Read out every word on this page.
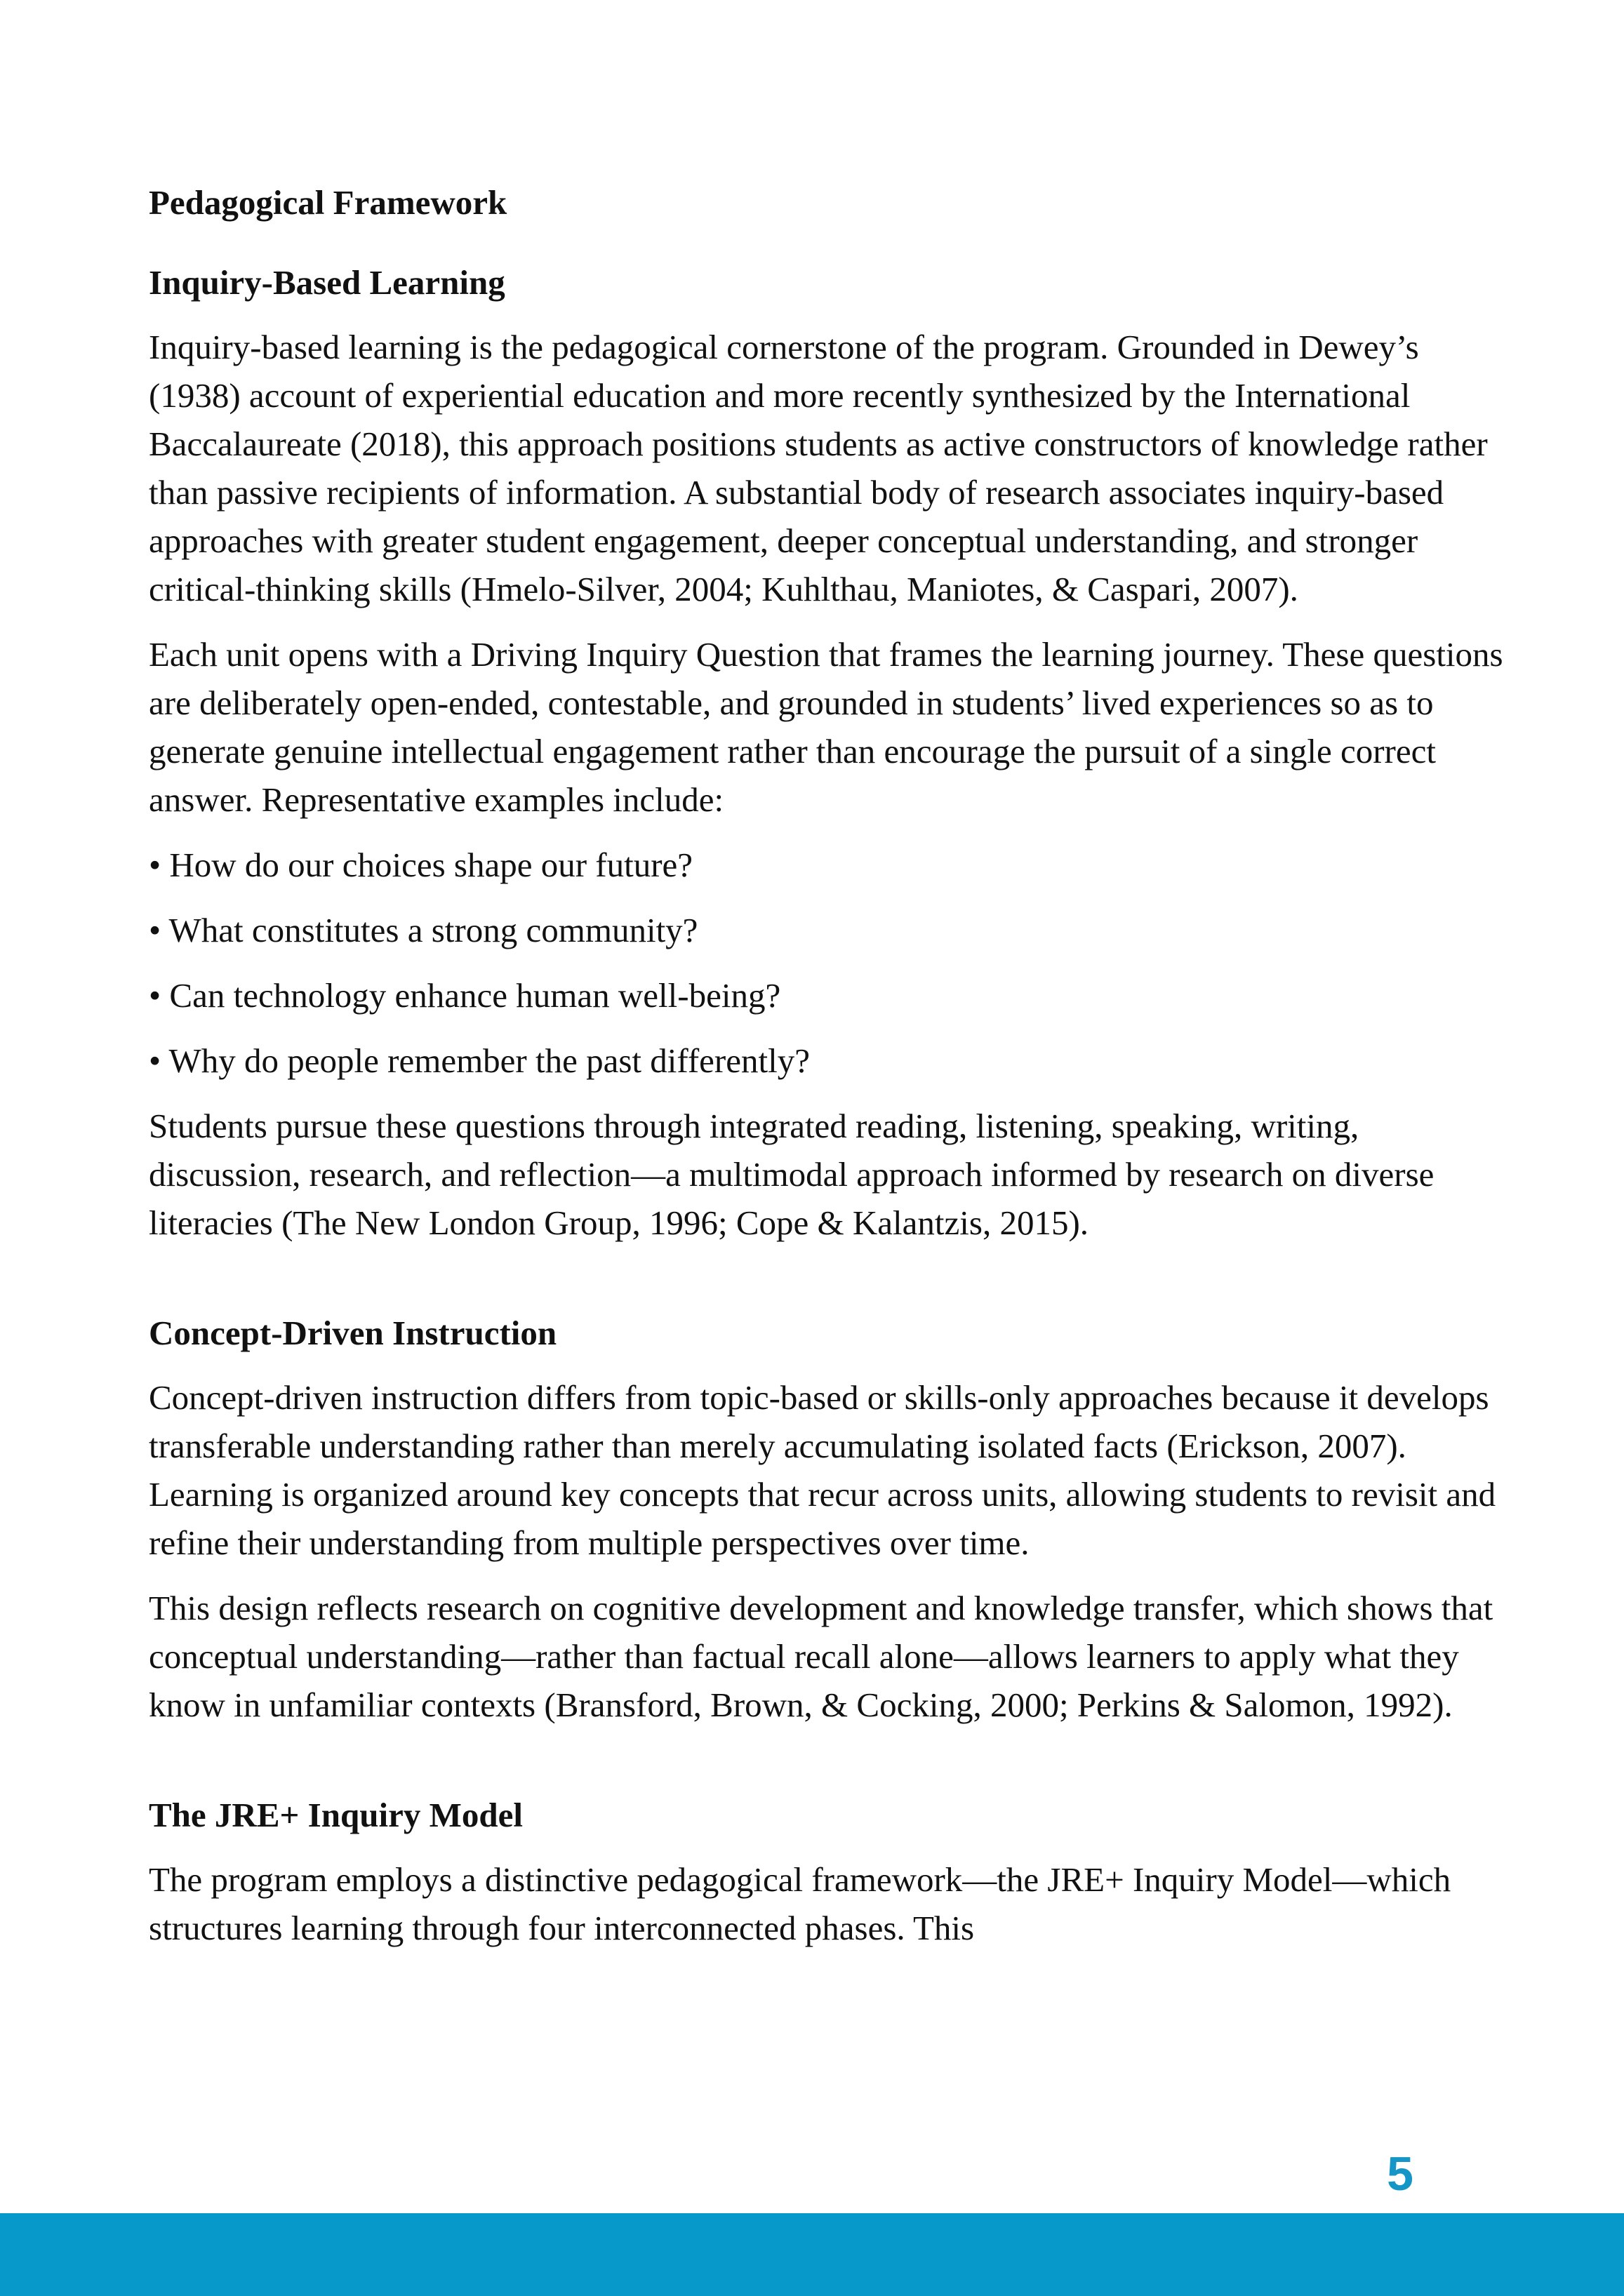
Pedagogical Framework
Inquiry-Based Learning

Inquiry-based learning is the pedagogical cornerstone of the program. Grounded in Dewey’s (1938) account of experiential education and more recently synthesized by the International Baccalaureate (2018), this approach positions students as active constructors of knowledge rather than passive recipients of information. A substantial body of research associates inquiry-based approaches with greater student engagement, deeper conceptual understanding, and stronger critical-thinking skills (Hmelo-Silver, 2004; Kuhlthau, Maniotes, & Caspari, 2007).

Each unit opens with a Driving Inquiry Question that frames the learning journey. These questions are deliberately open-ended, contestable, and grounded in students’ lived experiences so as to generate genuine intellectual engagement rather than encourage the pursuit of a single correct answer. Representative examples include:

• How do our choices shape our future?
• What constitutes a strong community?
• Can technology enhance human well-being?
• Why do people remember the past differently?

Students pursue these questions through integrated reading, listening, speaking, writing, discussion, research, and reflection—a multimodal approach informed by research on diverse literacies (The New London Group, 1996; Cope & Kalantzis, 2015).

Concept-Driven Instruction

Concept-driven instruction differs from topic-based or skills-only approaches because it develops transferable understanding rather than merely accumulating isolated facts (Erickson, 2007). Learning is organized around key concepts that recur across units, allowing students to revisit and refine their understanding from multiple perspectives over time.

This design reflects research on cognitive development and knowledge transfer, which shows that conceptual understanding—rather than factual recall alone—allows learners to apply what they know in unfamiliar contexts (Bransford, Brown, & Cocking, 2000; Perkins & Salomon, 1992).

The JRE+ Inquiry Model

The program employs a distinctive pedagogical framework—the JRE+ Inquiry Model—which structures learning through four interconnected phases. This

5
